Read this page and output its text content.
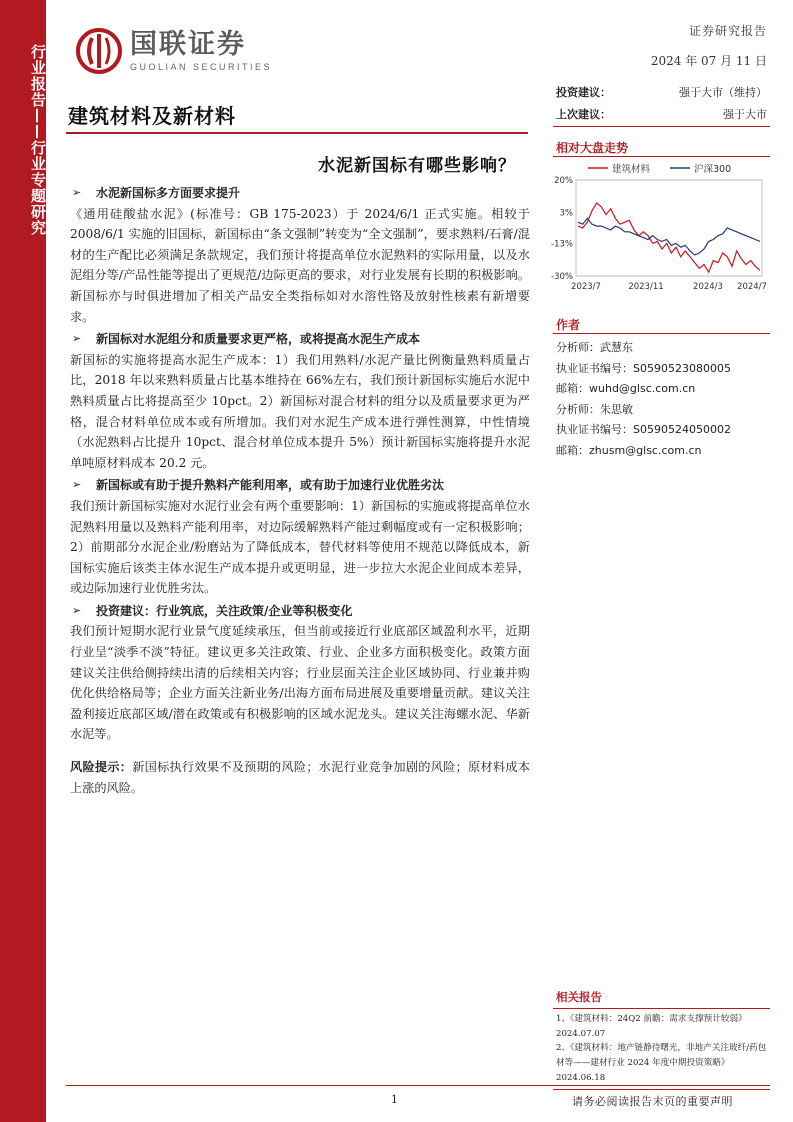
行业报告——行业专题研究	国联证券
GUOLIAN SECURITIES
证券研究报告
2024 年 07 月 11 日
建筑材料及新材料
水泥新国标有哪些影响？
投资建议：	强于大市（维持）
上次建议：	强于大市
相对大盘走势
建筑材料	沪深300
20%
3%
-13%
-30%
2023/7	2023/11	2024/3 2024/7
作者
分析师：武慧东
执业证书编号：S0590523080005
邮箱：wuhd@glsc.com.cn
分析师：朱思敏
执业证书编号：S0590524050002
邮箱：zhusm@glsc.com.cn
➢	水泥新国标多方面要求提升
《通用硅酸盐水泥》(标准号：GB 175-2023）于 2024/6/1 正式实施。相较于 2008/6/1 实施的旧国标，新国标由“条文强制”转变为“全文强制”，要求熟料/石膏/混材的生产配比必须满足条款规定，我们预计将提高单位水泥熟料的实际用量，以及水泥组分等/产品性能等提出了更规范/边际更高的要求，对行业发展有长期的积极影响。新国标亦与时俱进增加了相关产品安全类指标如对水溶性铬及放射性核素有新增要求。
➢	新国标对水泥组分和质量要求更严格，或将提高水泥生产成本
新国标的实施将提高水泥生产成本：1）我们用熟料/水泥产量比例衡量熟料质量占比，2018 年以来熟料质量占比基本维持在 66%左右，我们预计新国标实施后水泥中熟料质量占比将提高至少 10pct。2）新国标对混合材料的组分以及质量要求更为严格，混合材料单位成本或有所增加。我们对水泥生产成本进行弹性测算，中性情境（水泥熟料占比提升 10pct、混合材单位成本提升 5%）预计新国标实施将提升水泥单吨原材料成本 20.2 元。
➢	新国标或有助于提升熟料产能利用率，或有助于加速行业优胜劣汰
我们预计新国标实施对水泥行业会有两个重要影响：1）新国标的实施或将提高单位水泥熟料用量以及熟料产能利用率，对边际缓解熟料产能过剩幅度或有一定积极影响；2）前期部分水泥企业/粉磨站为了降低成本，替代材料等使用不规范以降低成本，新国标实施后该类主体水泥生产成本提升或更明显，进一步拉大水泥企业间成本差异，或边际加速行业优胜劣汰。
➢	投资建议：行业筑底，关注政策/企业等积极变化
我们预计短期水泥行业景气度延续承压，但当前或接近行业底部区域盈利水平，近期行业呈“淡季不淡”特征。建议更多关注政策、行业、企业多方面积极变化。政策方面建议关注供给侧持续出清的后续相关内容；行业层面关注企业区域协同、行业兼并购优化供给格局等；企业方面关注新业务/出海方面布局进展及重要增量贡献。建议关注盈利接近底部区域/潜在政策或有积极影响的区域水泥龙头。建议关注海螺水泥、华新水泥等。
风险提示：新国标执行效果不及预期的风险；水泥行业竞争加剧的风险；原材料成本上涨的风险。
相关报告
1、《建筑材料：24Q2 前瞻：需求支撑预计较弱》
2024.07.07
2、《建筑材料：地产链静待曙光，非地产关注玻纤/药包材等——建材行业 2024 年度中期投资策略》
2024.06.18
1	请务必阅读报告末页的重要声明
